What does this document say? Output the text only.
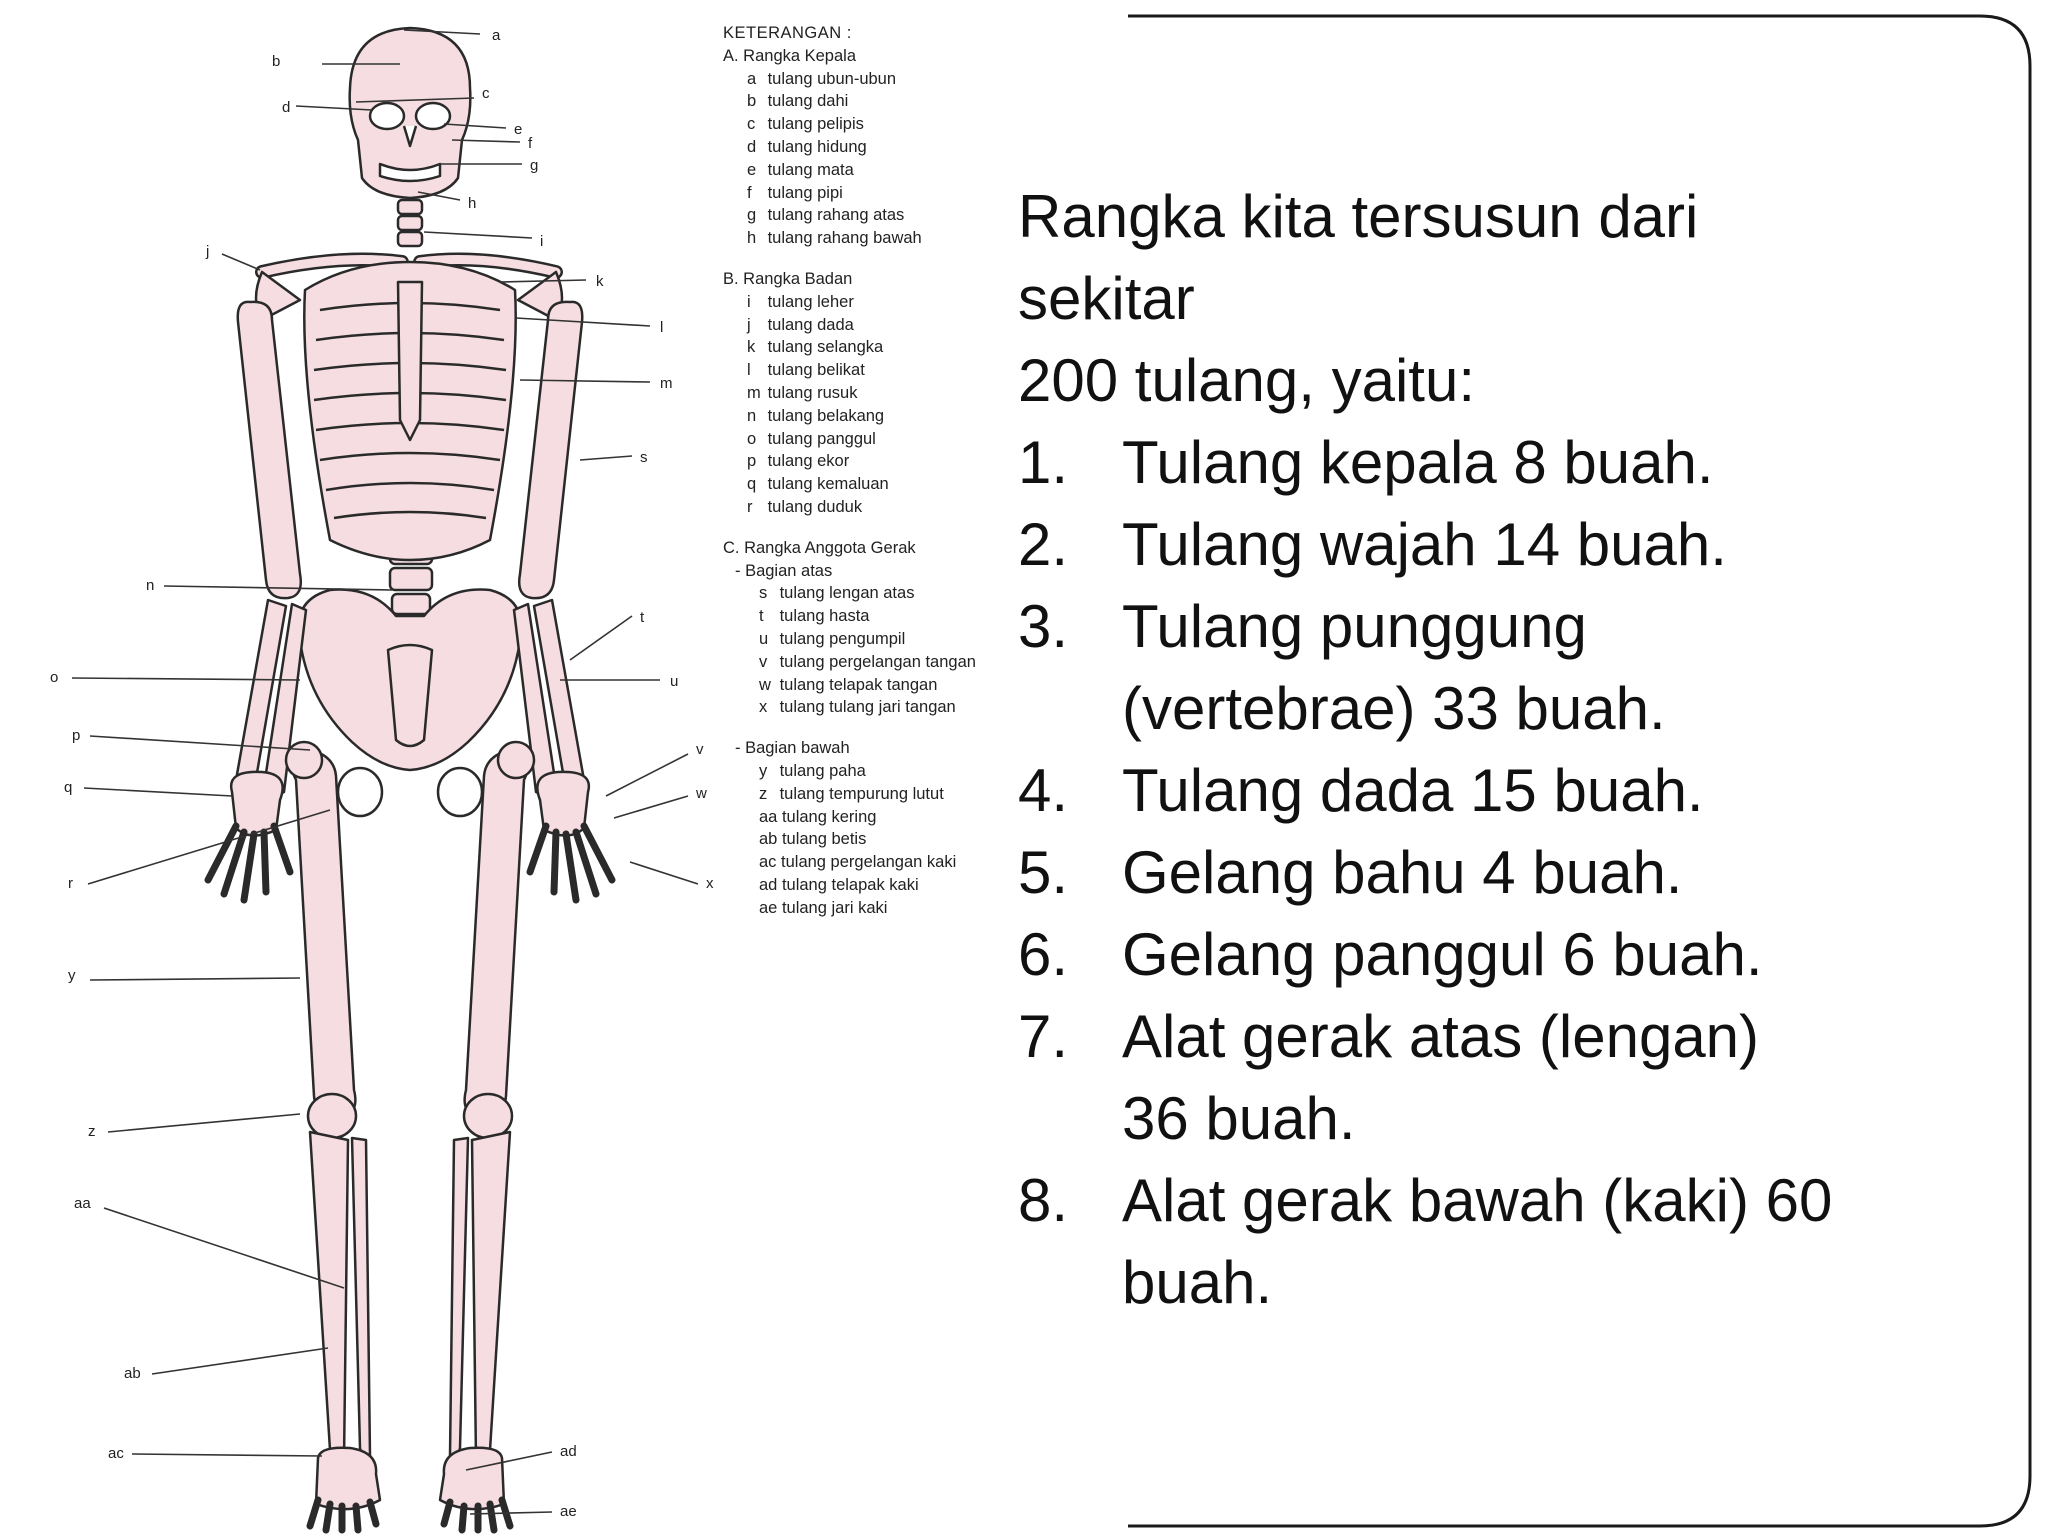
a
b
c
d
e
f
g
h
i
j
k
l
m
s
n
t
o	u
p
v
q	w
r	x
y
z
aa
ab
ac	ad
ae
KETERANGAN :
A. Rangka Kepala
a tulang ubun-ubun
b tulang dahi
c tulang pelipis
d tulang hidung
e tulang mata
f tulang pipi
g tulang rahang atas
h tulang rahang bawah
B. Rangka Badan
i tulang leher
j tulang dada
k tulang selangka
l tulang belikat
m tulang rusuk
n tulang belakang
o tulang panggul
p tulang ekor
q tulang kemaluan
r tulang duduk
C. Rangka Anggota Gerak
- Bagian atas
s tulang lengan atas
t tulang hasta
u tulang pengumpil
v tulang pergelangan tangan
w tulang telapak tangan
x tulang tulang jari tangan
- Bagian bawah
y tulang paha
z tulang tempurung lutut
aa tulang kering
ab tulang betis
ac tulang pergelangan kaki
ad tulang telapak kaki
ae tulang jari kaki
Rangka kita tersusun dari
sekitar
200 tulang, yaitu:
1. Tulang kepala 8 buah.
2. Tulang wajah 14 buah.
3. Tulang punggung
(vertebrae) 33 buah.
4. Tulang dada 15 buah.
5. Gelang bahu 4 buah.
6. Gelang panggul 6 buah.
7. Alat gerak atas (lengan)
36 buah.
8. Alat gerak bawah (kaki) 60
buah.
